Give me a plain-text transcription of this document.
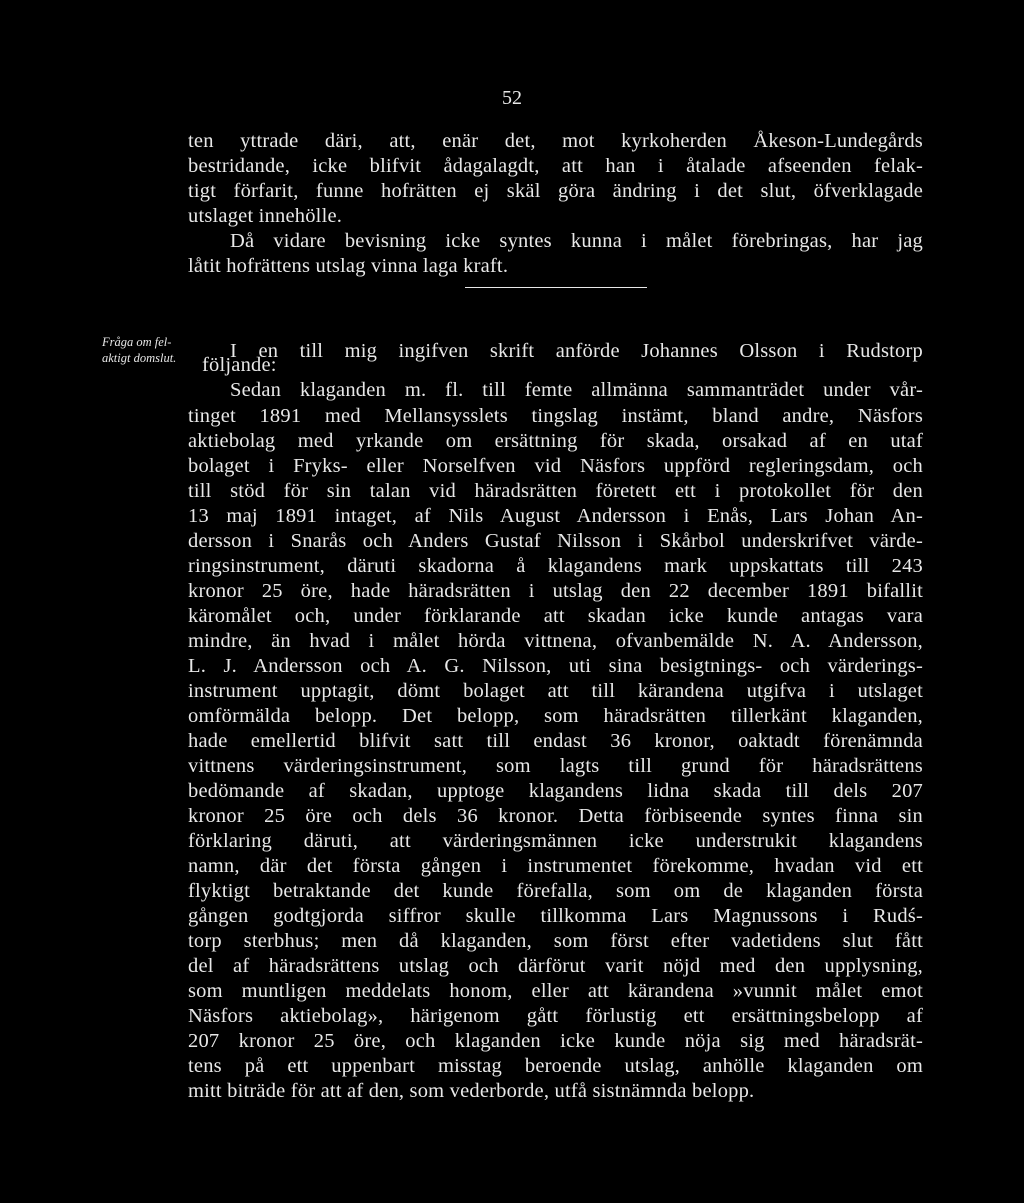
52
ten yttrade däri, att, enär det, mot kyrkoherden Åkeson-Lundegårds
bestridande, icke blifvit ådagalagdt, att han i åtalade afseenden felak-
tigt förfarit, funne hofrätten ej skäl göra ändring i det slut, öfverklagade
utslaget innehölle.
Då vidare bevisning icke syntes kunna i målet förebringas, har jag
låtit hofrättens utslag vinna laga kraft.
Fråga om fel-
aktigt domslut.	I en till mig ingifven skrift anförde Johannes Olsson i Rudstorp
följande:
Sedan klaganden m. fl. till femte allmänna sammanträdet under vår-
tinget 1891 med Mellansysslets tingslag instämt, bland andre, Näsfors
aktiebolag med yrkande om ersättning för skada, orsakad af en utaf
bolaget i Fryks- eller Norselfven vid Näsfors uppförd regleringsdam, och
till stöd för sin talan vid häradsrätten företett ett i protokollet för den
13 maj 1891 intaget, af Nils August Andersson i Enås, Lars Johan An-
dersson i Snarås och Anders Gustaf Nilsson i Skårbol underskrifvet värde-
ringsinstrument, däruti skadorna å klagandens mark uppskattats till 243
kronor 25 öre, hade häradsrätten i utslag den 22 december 1891 bifallit
käromålet och, under förklarande att skadan icke kunde antagas vara
mindre, än hvad i målet hörda vittnena, ofvanbemälde N. A. Andersson,
L. J. Andersson och A. G. Nilsson, uti sina besigtnings- och värderings-
instrument upptagit, dömt bolaget att till kärandena utgifva i utslaget
omförmälda belopp. Det belopp, som häradsrätten tillerkänt klaganden,
hade emellertid blifvit satt till endast 36 kronor, oaktadt förenämnda
vittnens värderingsinstrument, som lagts till grund för häradsrättens
bedömande af skadan, upptoge klagandens lidna skada till dels 207
kronor 25 öre och dels 36 kronor. Detta förbiseende syntes finna sin
förklaring däruti, att värderingsmännen icke understrukit klagandens
namn, där det första gången i instrumentet förekomme, hvadan vid ett
flyktigt betraktande det kunde förefalla, som om de klaganden första
gången godtgjorda siffror skulle tillkomma Lars Magnussons i Rudś-
torp sterbhus; men då klaganden, som först efter vadetidens slut fått
del af häradsrättens utslag och därförut varit nöjd med den upplysning,
som muntligen meddelats honom, eller att kärandena »vunnit målet emot
Näsfors aktiebolag», härigenom gått förlustig ett ersättningsbelopp af
207 kronor 25 öre, och klaganden icke kunde nöja sig med häradsrät-
tens på ett uppenbart misstag beroende utslag, anhölle klaganden om
mitt biträde för att af den, som vederborde, utfå sistnämnda belopp.
